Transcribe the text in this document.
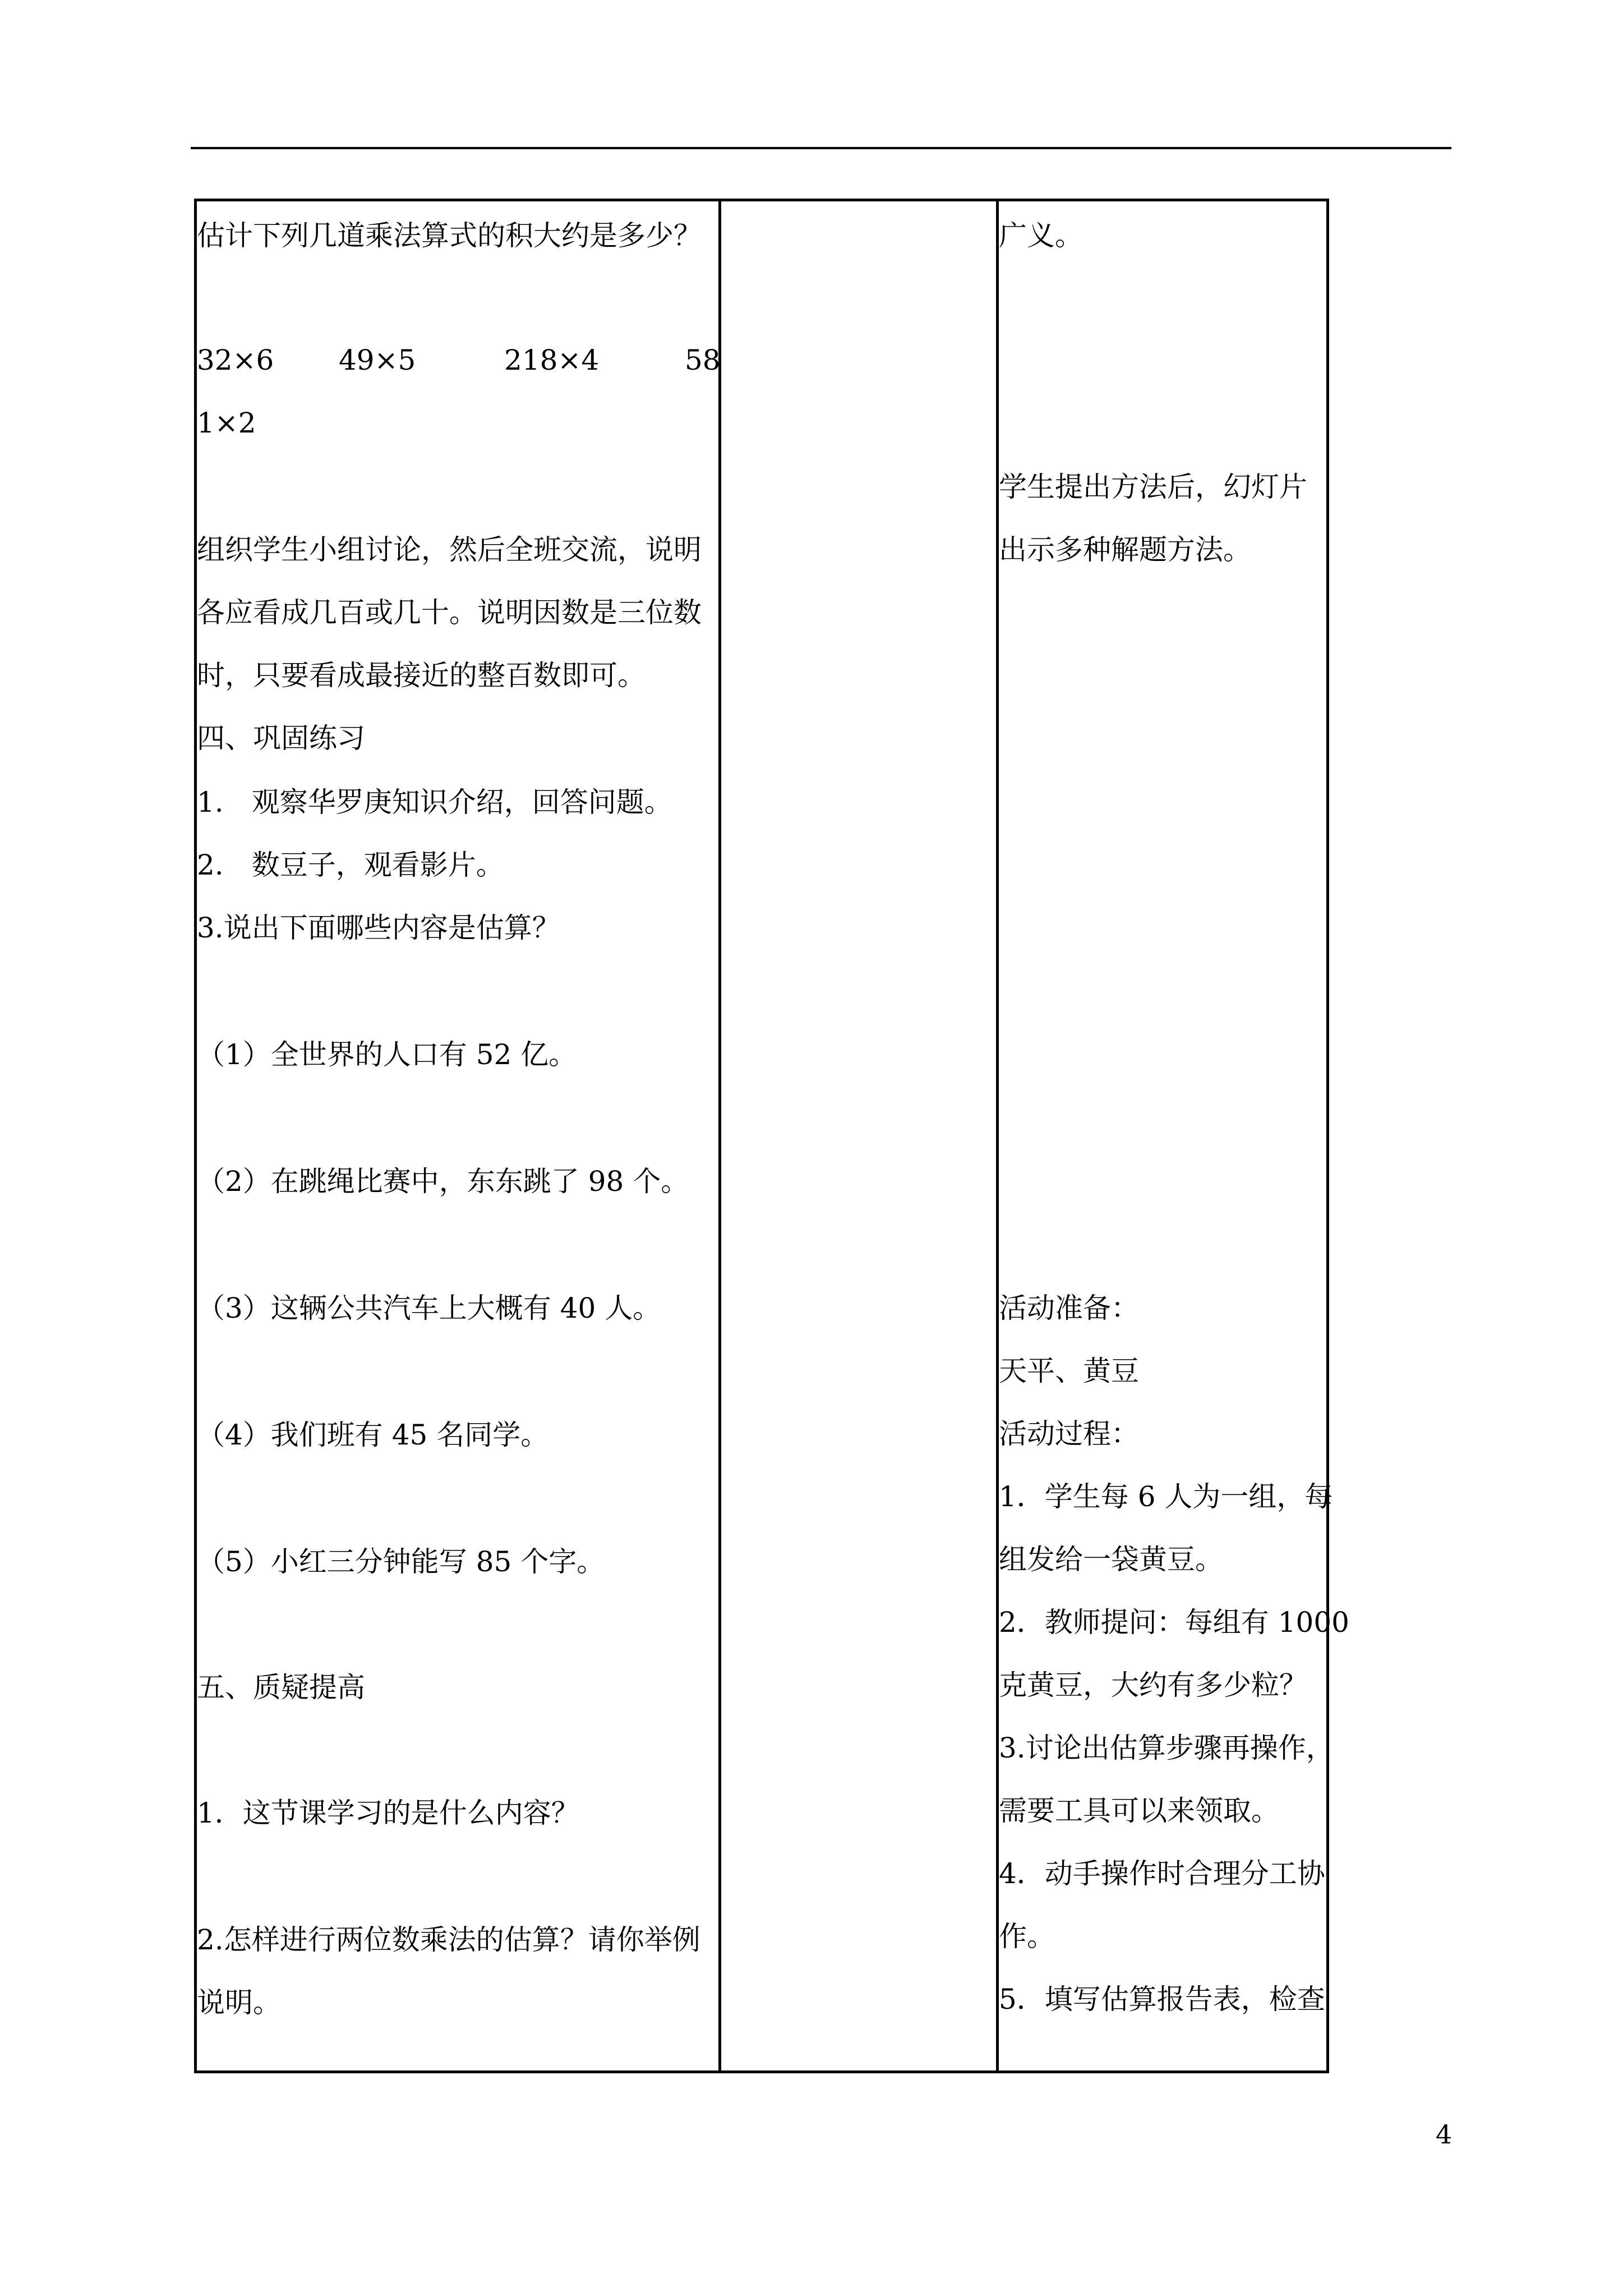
估计下列几道乘法算式的积大约是多少？
32×6 49×5	218×4	58
1×2
组织学生小组讨论，然后全班交流，说明
各应看成几百或几十。说明因数是三位数
时，只要看成最接近的整百数即可。
四、巩固练习
1.　观察华罗庚知识介绍，回答问题。
2.　数豆子，观看影片。
3.说出下面哪些内容是估算？
（1）全世界的人口有 52 亿。
（2）在跳绳比赛中，东东跳了 98 个。
（3）这辆公共汽车上大概有 40 人。
（4）我们班有 45 名同学。
（5）小红三分钟能写 85 个字。
五、质疑提高
1．这节课学习的是什么内容？
2.怎样进行两位数乘法的估算？请你举例
说明。
广义。
学生提出方法后，幻灯片
出示多种解题方法。
活动准备：
天平、黄豆
活动过程：
1．学生每 6 人为一组，每
组发给一袋黄豆。
2．教师提问：每组有 1000
克黄豆，大约有多少粒？
3.讨论出估算步骤再操作，
需要工具可以来领取。
4．动手操作时合理分工协
作。
5．填写估算报告表，检查
4
